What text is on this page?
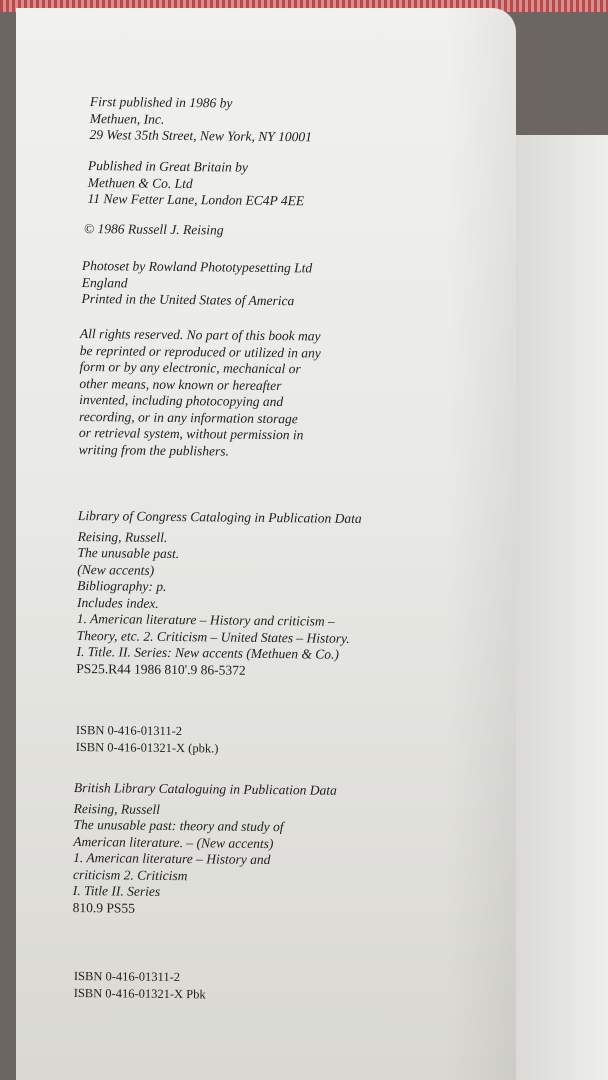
First published in 1986 by
Methuen, Inc.
29 West 35th Street, New York, NY 10001
Published in Great Britain by
Methuen & Co. Ltd
11 New Fetter Lane, London EC4P 4EE
© 1986 Russell J. Reising
Photoset by Rowland Phototypesetting Ltd
England
Printed in the United States of America
All rights reserved. No part of this book may
be reprinted or reproduced or utilized in any
form or by any electronic, mechanical or
other means, now known or hereafter
invented, including photocopying and
recording, or in any information storage
or retrieval system, without permission in
writing from the publishers.
Library of Congress Cataloging in Publication Data
Reising, Russell.
The unusable past.
(New accents)
Bibliography: p.
Includes index.
1. American literature – History and criticism –
Theory, etc. 2. Criticism – United States – History.
I. Title. II. Series: New accents (Methuen & Co.)
PS25.R44 1986 810'.9 86-5372
ISBN 0-416-01311-2
ISBN 0-416-01321-X (pbk.)
British Library Cataloguing in Publication Data
Reising, Russell
The unusable past: theory and study of
American literature. – (New accents)
1. American literature – History and
criticism 2. Criticism
I. Title II. Series
810.9 PS55
ISBN 0-416-01311-2
ISBN 0-416-01321-X Pbk
